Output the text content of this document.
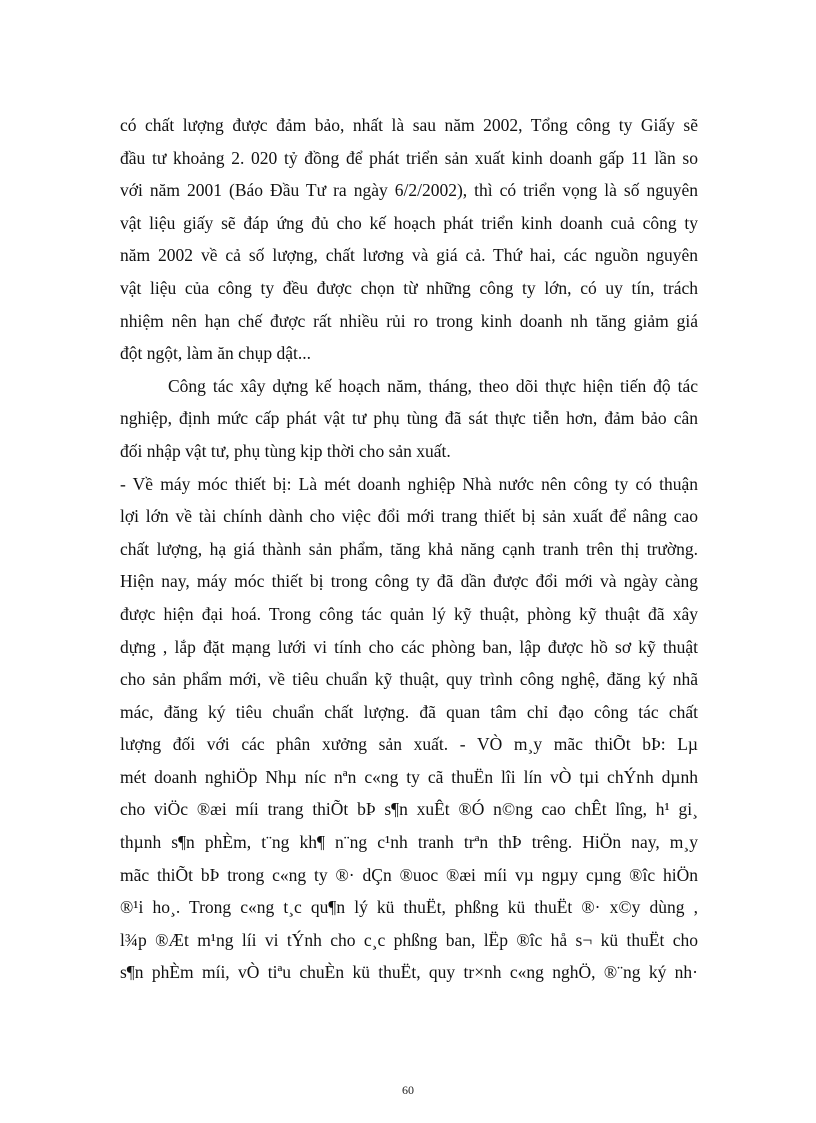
có chất lượng được đảm bảo, nhất là sau năm 2002, Tổng công ty Giấy sẽ
đầu tư khoảng 2. 020 tỷ đồng để phát triển sản xuất kinh doanh gấp 11 lần so
với năm 2001 (Báo Đầu Tư ra ngày 6/2/2002), thì có triển vọng là số nguyên
vật liệu giấy sẽ đáp ứng đủ cho kế hoạch phát triển kinh doanh cuả công ty
năm 2002 về cả số lượng, chất lương và giá cả. Thứ hai, các nguồn nguyên
vật liệu của công ty đều được chọn từ những công ty lớn, có uy tín, trách
nhiệm nên hạn chế được rất nhiều rủi ro trong kinh doanh nh tăng giảm giá
đột ngột, làm ăn chụp dật...
Công tác xây dựng kế hoạch năm, tháng, theo dõi thực hiện tiến độ tác
nghiệp, định mức cấp phát vật tư phụ tùng đã sát thực tiễn hơn, đảm bảo cân
đối nhập vật tư, phụ tùng kịp thời cho sản xuất.
- Về máy móc thiết bị: Là mét doanh nghiệp Nhà nước nên công ty có thuận
lợi lớn về tài chính dành cho việc đổi mới trang thiết bị sản xuất để nâng cao
chất lượng, hạ giá thành sản phẩm, tăng khả năng cạnh tranh trên thị trường.
Hiện nay, máy móc thiết bị trong công ty đã dần được đổi mới và ngày càng
được hiện đại hoá. Trong công tác quản lý kỹ thuật, phòng kỹ thuật đã xây
dựng , lắp đặt mạng lưới vi tính cho các phòng ban, lập được hồ sơ kỹ thuật
cho sản phẩm mới, về tiêu chuẩn kỹ thuật, quy trình công nghệ, đăng ký nhã
mác, đăng ký tiêu chuẩn chất lượng. đã quan tâm chỉ đạo công tác chất
lượng đối với các phân xưởng sản xuất. - VÒ m¸y mãc thiÕt bÞ: Lµ
mét doanh nghiÖp Nhµ níc nªn c«ng ty cã thuËn lîi lín vÒ tµi chÝnh dµnh
cho viÖc ®æi míi trang thiÕt bÞ s¶n xuÊt ®Ó n©ng cao chÊt lîng, h¹ gi¸
thµnh s¶n phÈm, t¨ng kh¶ n¨ng c¹nh tranh trªn thÞ trêng. HiÖn nay, m¸y
mãc thiÕt bÞ trong c«ng ty ®· dÇn ®uoc ®æi míi vµ ngµy cµng ®îc hiÖn
®¹i ho¸. Trong c«ng t¸c qu¶n lý kü thuËt, phßng kü thuËt ®· x©y dùng ,
l¾p ®Æt m¹ng líi vi tÝnh cho c¸c phßng ban, lËp ®îc hå s¬ kü thuËt cho
s¶n phÈm míi, vÒ tiªu chuÈn kü thuËt, quy tr×nh c«ng nghÖ, ®¨ng ký nh·
60
